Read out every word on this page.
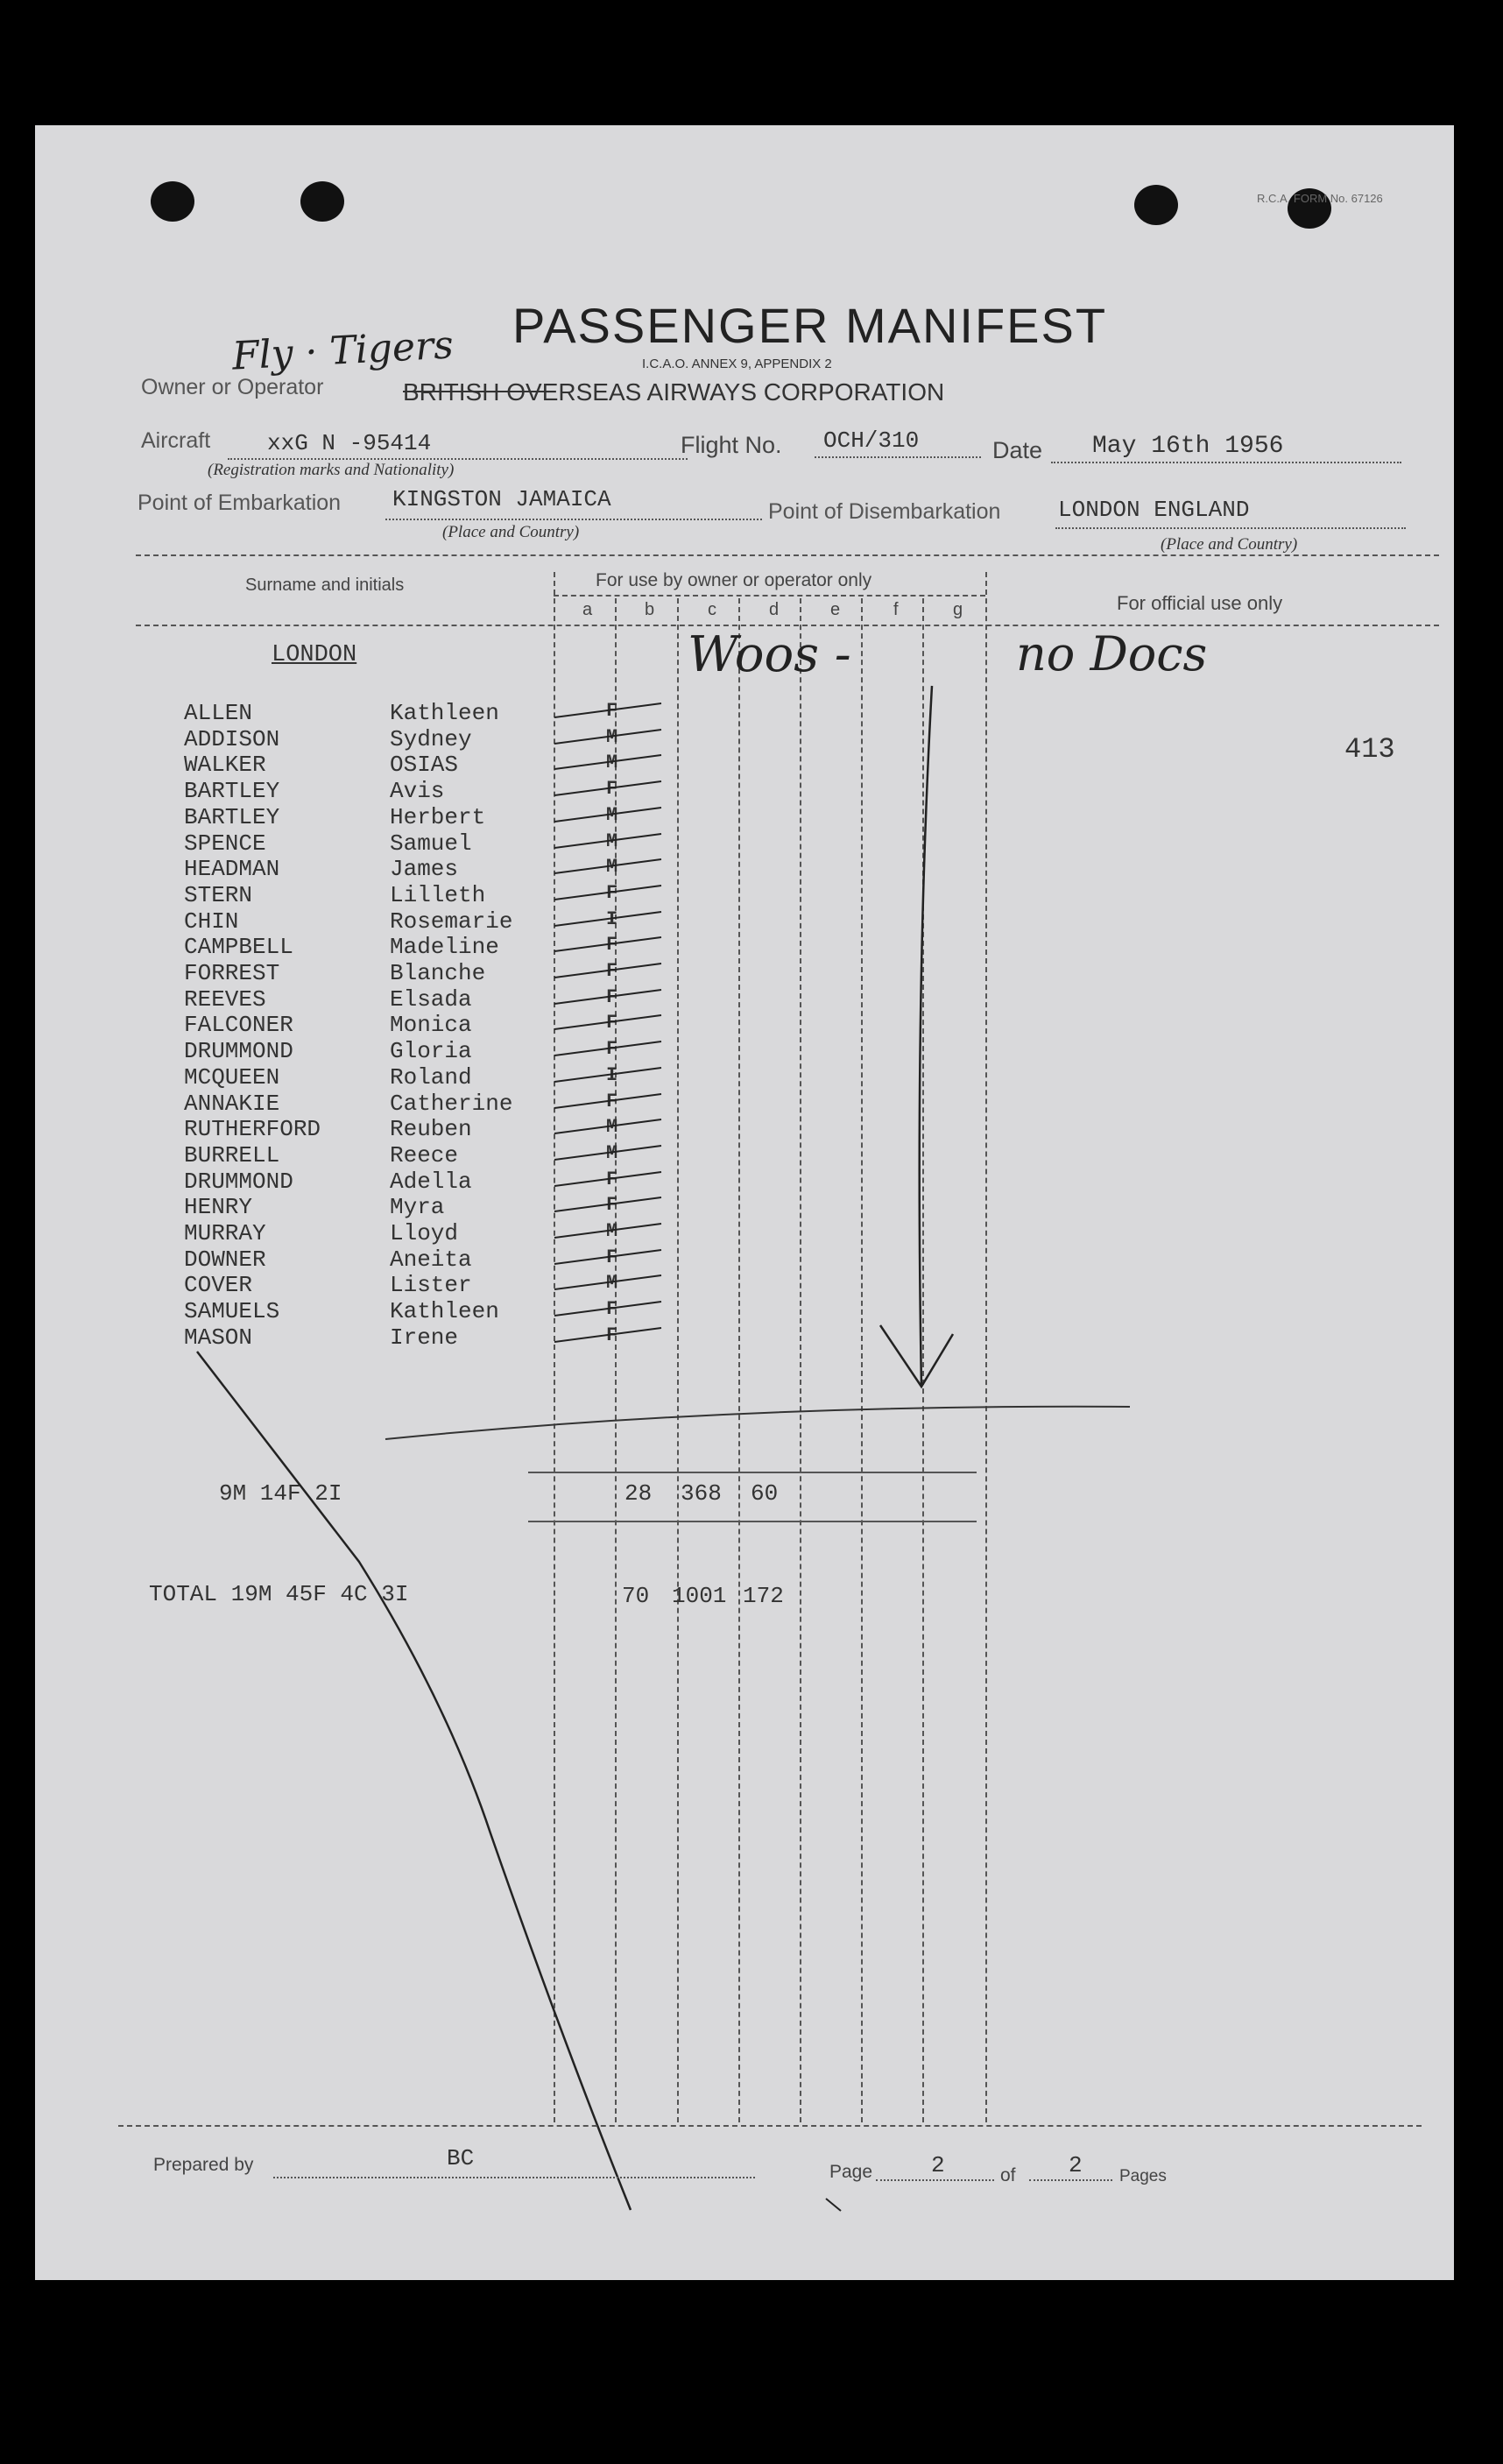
R.C.A. FORM No. 67126
PASSENGER MANIFEST
I.C.A.O. ANNEX 9, APPENDIX 2
Fly · Tigers
Owner or Operator	BRITISH OVERSEAS AIRWAYS CORPORATION
Aircraft xxG N -95414
(Registration marks and Nationality)
Flight No. OCH/310	Date May 16th 1956
Point of Embarkation KINGSTON JAMAICA
(Place and Country)
Point of Disembarkation	LONDON ENGLAND
(Place and Country)
Surname and initials	For use by owner or operator only
For official use only
a	b	c	d	e	f	g
LONDON	Woos -	no Docs
413
ALLEN	Kathleen	F
ADDISON	Sydney	M
WALKER	OSIAS	M
BARTLEY	Avis	F
BARTLEY	Herbert	M
SPENCE	Samuel	M
HEADMAN	James	M
STERN	Lilleth	F
CHIN	Rosemarie	I
CAMPBELL	Madeline	F
FORREST	Blanche	F
REEVES	Elsada	F
FALCONER	Monica	F
DRUMMOND	Gloria	F
MCQUEEN	Roland	I
ANNAKIE	Catherine	F
RUTHERFORD	Reuben	M
BURRELL	Reece	M
DRUMMOND	Adella	F
HENRY	Myra	F
MURRAY	Lloyd	M
DOWNER	Aneita	F
COVER	Lister	M
SAMUELS	Kathleen	F
MASON	Irene	F
9M 14F 2I	28 368 60
TOTAL 19M 45F 4C 3I	70 1001 172
Prepared by	BC
Page	2	of 2 Pages
